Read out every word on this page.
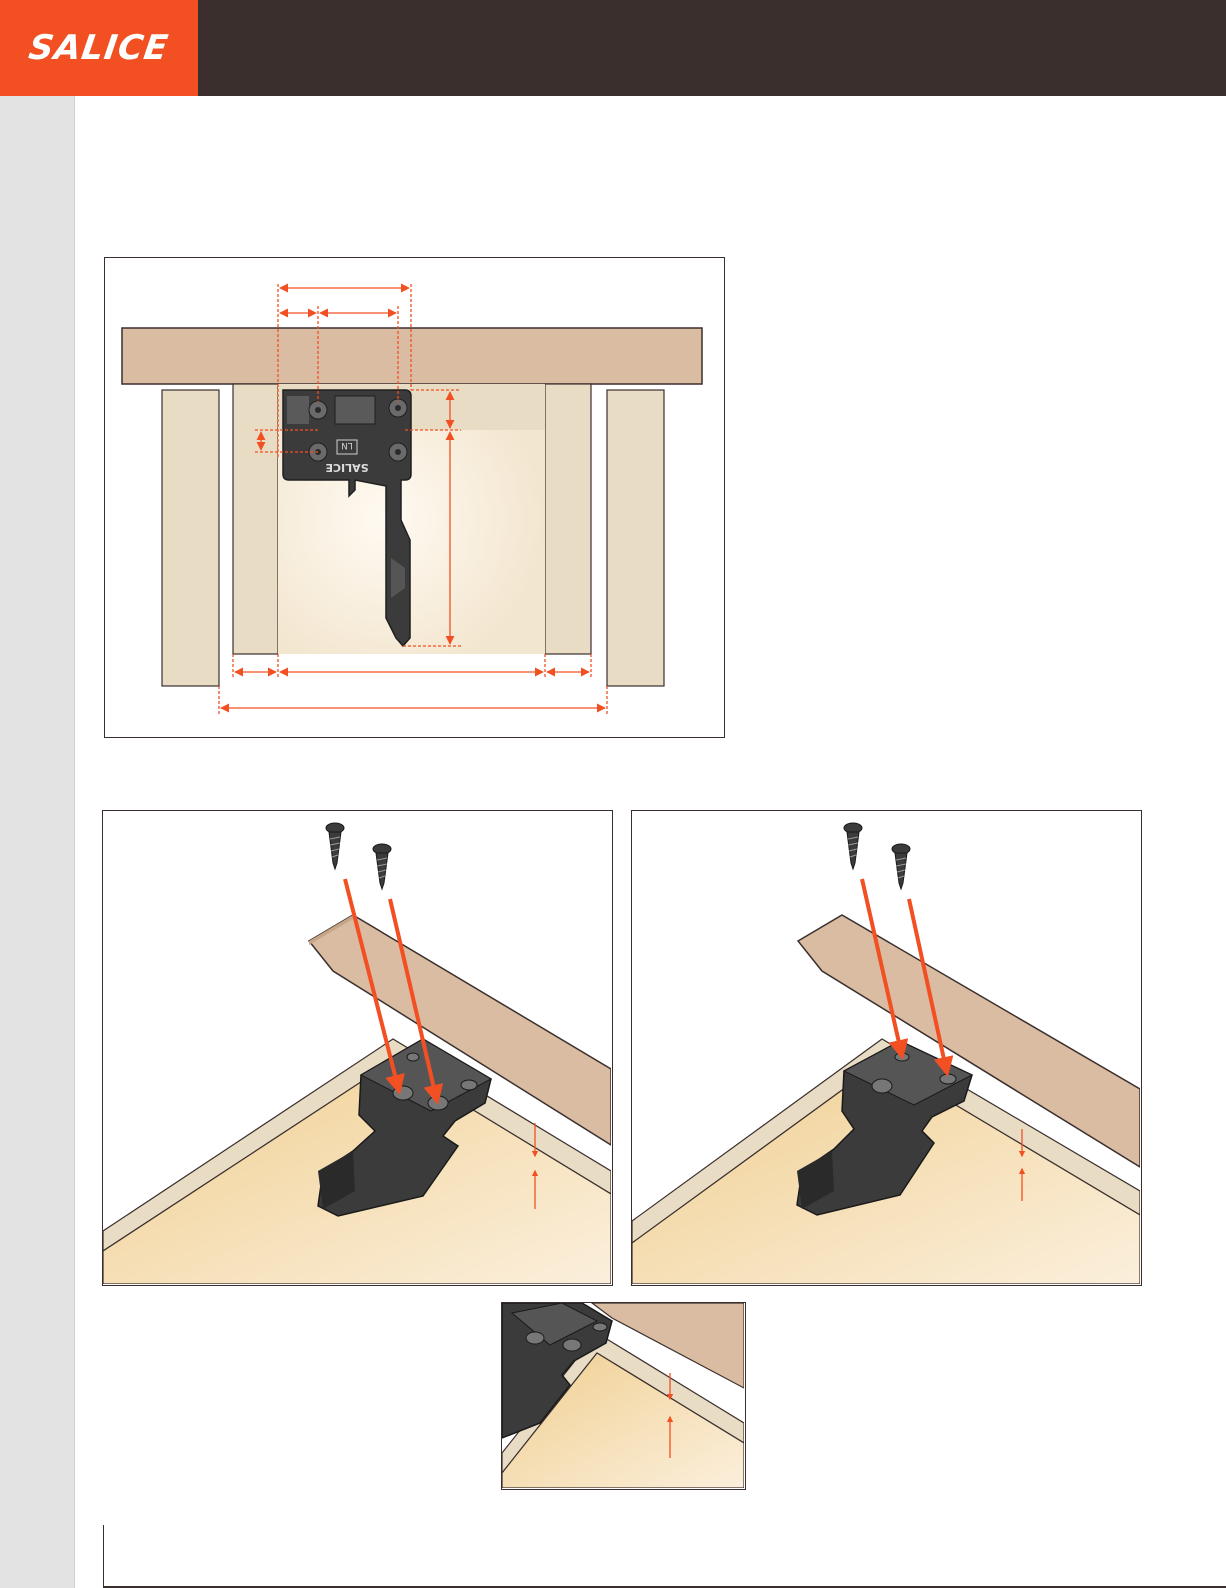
SALICE
LN
SALICE
